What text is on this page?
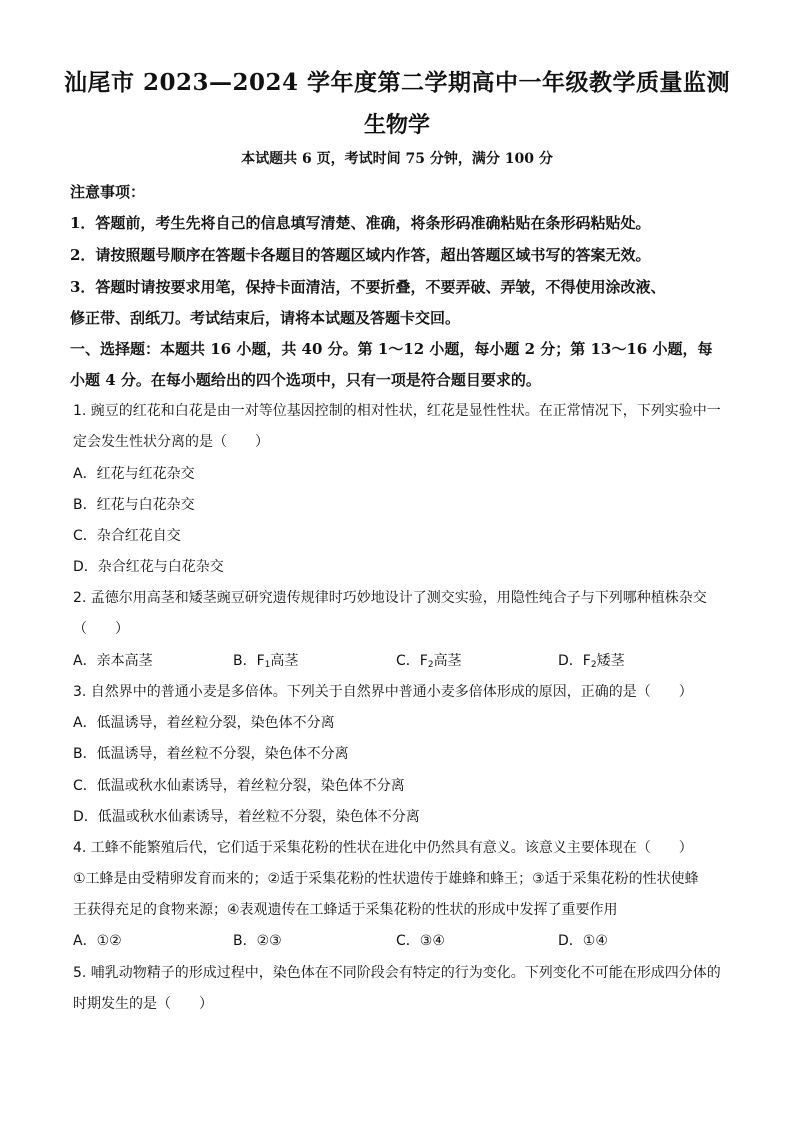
汕尾市 2023—2024 学年度第二学期高中一年级教学质量监测
生物学
本试题共 6 页，考试时间 75 分钟，满分 100 分
注意事项：
1．答题前，考生先将自己的信息填写清楚、准确，将条形码准确粘贴在条形码粘贴处。
2．请按照题号顺序在答题卡各题目的答题区域内作答，超出答题区域书写的答案无效。
3．答题时请按要求用笔，保持卡面清洁，不要折叠，不要弄破、弄皱，不得使用涂改液、
修正带、刮纸刀。考试结束后，请将本试题及答题卡交回。
一、选择题：本题共 16 小题，共 40 分。第 1～12 小题，每小题 2 分；第 13～16 小题，每
小题 4 分。在每小题给出的四个选项中，只有一项是符合题目要求的。
1. 豌豆的红花和白花是由一对等位基因控制的相对性状，红花是显性性状。在正常情况下，下列实验中一
定会发生性状分离的是（　　）
A．红花与红花杂交
B．红花与白花杂交
C．杂合红花自交
D．杂合红花与白花杂交
2. 孟德尔用高茎和矮茎豌豆研究遗传规律时巧妙地设计了测交实验，用隐性纯合子与下列哪种植株杂交
（　　）
A．亲本高茎	B．$F_1$高茎	C．$F_2$高茎	D．$F_2$矮茎
3. 自然界中的普通小麦是多倍体。下列关于自然界中普通小麦多倍体形成的原因，正确的是（　　）
A．低温诱导，着丝粒分裂，染色体不分离
B．低温诱导，着丝粒不分裂，染色体不分离
C．低温或秋水仙素诱导，着丝粒分裂，染色体不分离
D．低温或秋水仙素诱导，着丝粒不分裂，染色体不分离
4. 工蜂不能繁殖后代，它们适于采集花粉的性状在进化中仍然具有意义。该意义主要体现在（　　）
①工蜂是由受精卵发育而来的；②适于采集花粉的性状遗传于雄蜂和蜂王；③适于采集花粉的性状使蜂
王获得充足的食物来源；④表观遗传在工蜂适于采集花粉的性状的形成中发挥了重要作用
A．①②	B．②③	C．③④	D．①④
5. 哺乳动物精子的形成过程中，染色体在不同阶段会有特定的行为变化。下列变化不可能在形成四分体的
时期发生的是（　　）
